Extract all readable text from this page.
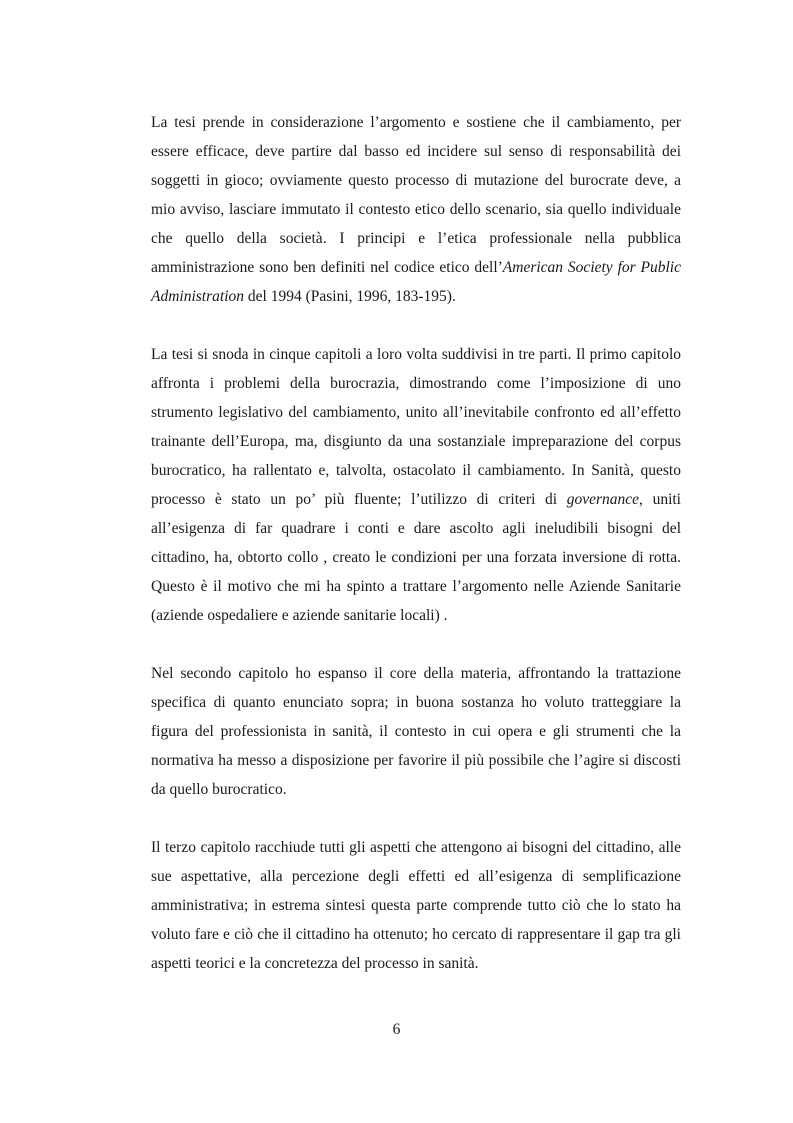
La tesi prende in considerazione l’argomento e sostiene che il cambiamento, per essere efficace, deve partire dal basso ed incidere sul senso di responsabilità dei soggetti in gioco; ovviamente questo processo di mutazione del burocrate deve, a mio avviso, lasciare immutato il contesto etico dello scenario, sia quello individuale che quello della società. I principi e l’etica professionale nella pubblica amministrazione sono ben definiti nel codice etico dell’American Society for Public Administration del 1994 (Pasini, 1996, 183-195).

La tesi si snoda in cinque capitoli a loro volta suddivisi in tre parti. Il primo capitolo affronta i problemi della burocrazia, dimostrando come l’imposizione di uno strumento legislativo del cambiamento, unito all’inevitabile confronto ed all’effetto trainante dell’Europa, ma, disgiunto da una sostanziale impreparazione del corpus burocratico, ha rallentato e, talvolta, ostacolato il cambiamento. In Sanità, questo processo è stato un po’ più fluente; l’utilizzo di criteri di governance, uniti all’esigenza di far quadrare i conti e dare ascolto agli ineludibili bisogni del cittadino, ha, obtorto collo , creato le condizioni per una forzata inversione di rotta. Questo è il motivo che mi ha spinto a trattare l’argomento nelle Aziende Sanitarie (aziende ospedaliere e aziende sanitarie locali) .

Nel secondo capitolo ho espanso il core della materia, affrontando la trattazione specifica di quanto enunciato sopra; in buona sostanza ho voluto tratteggiare la figura del professionista in sanità, il contesto in cui opera e gli strumenti che la normativa ha messo a disposizione per favorire il più possibile che l’agire si discosti da quello burocratico.

Il terzo capitolo racchiude tutti gli aspetti che attengono ai bisogni del cittadino, alle sue aspettative, alla percezione degli effetti ed all’esigenza di semplificazione amministrativa; in estrema sintesi questa parte comprende tutto ciò che lo stato ha voluto fare e ciò che il cittadino ha ottenuto; ho cercato di rappresentare il gap tra gli aspetti teorici e la concretezza del processo in sanità.

6
